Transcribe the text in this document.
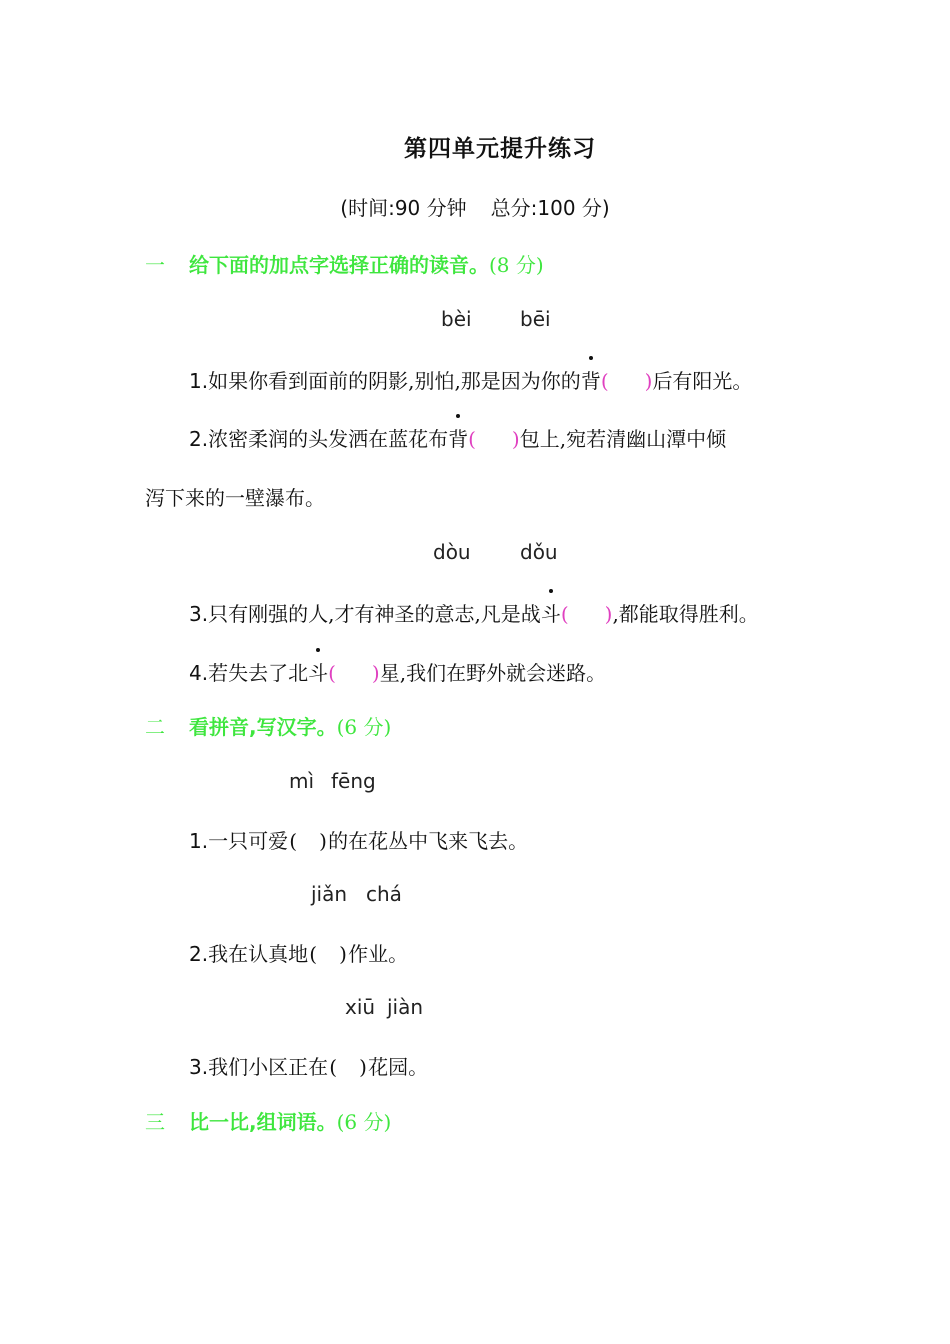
第四单元提升练习
(时间:90 分钟 总分:100 分)
一 给下面的加点字选择正确的读音。(8 分)
bèi bēi
1.如果你看到面前的阴影,别怕,那是因为你的背( )后有阳光。
2.浓密柔润的头发洒在蓝花布背( )包上,宛若清幽山潭中倾
泻下来的一壁瀑布。
dòu dǒu
3.只有刚强的人,才有神圣的意志,凡是战斗( ),都能取得胜利。
4.若失去了北斗( )星,我们在野外就会迷路。
二 看拼音,写汉字。(6 分)
mì fēng
1.一只可爱( )的在花丛中飞来飞去。
jiǎn chá
2.我在认真地( )作业。
xiū jiàn
3.我们小区正在( )花园。
三 比一比,组词语。(6 分)
